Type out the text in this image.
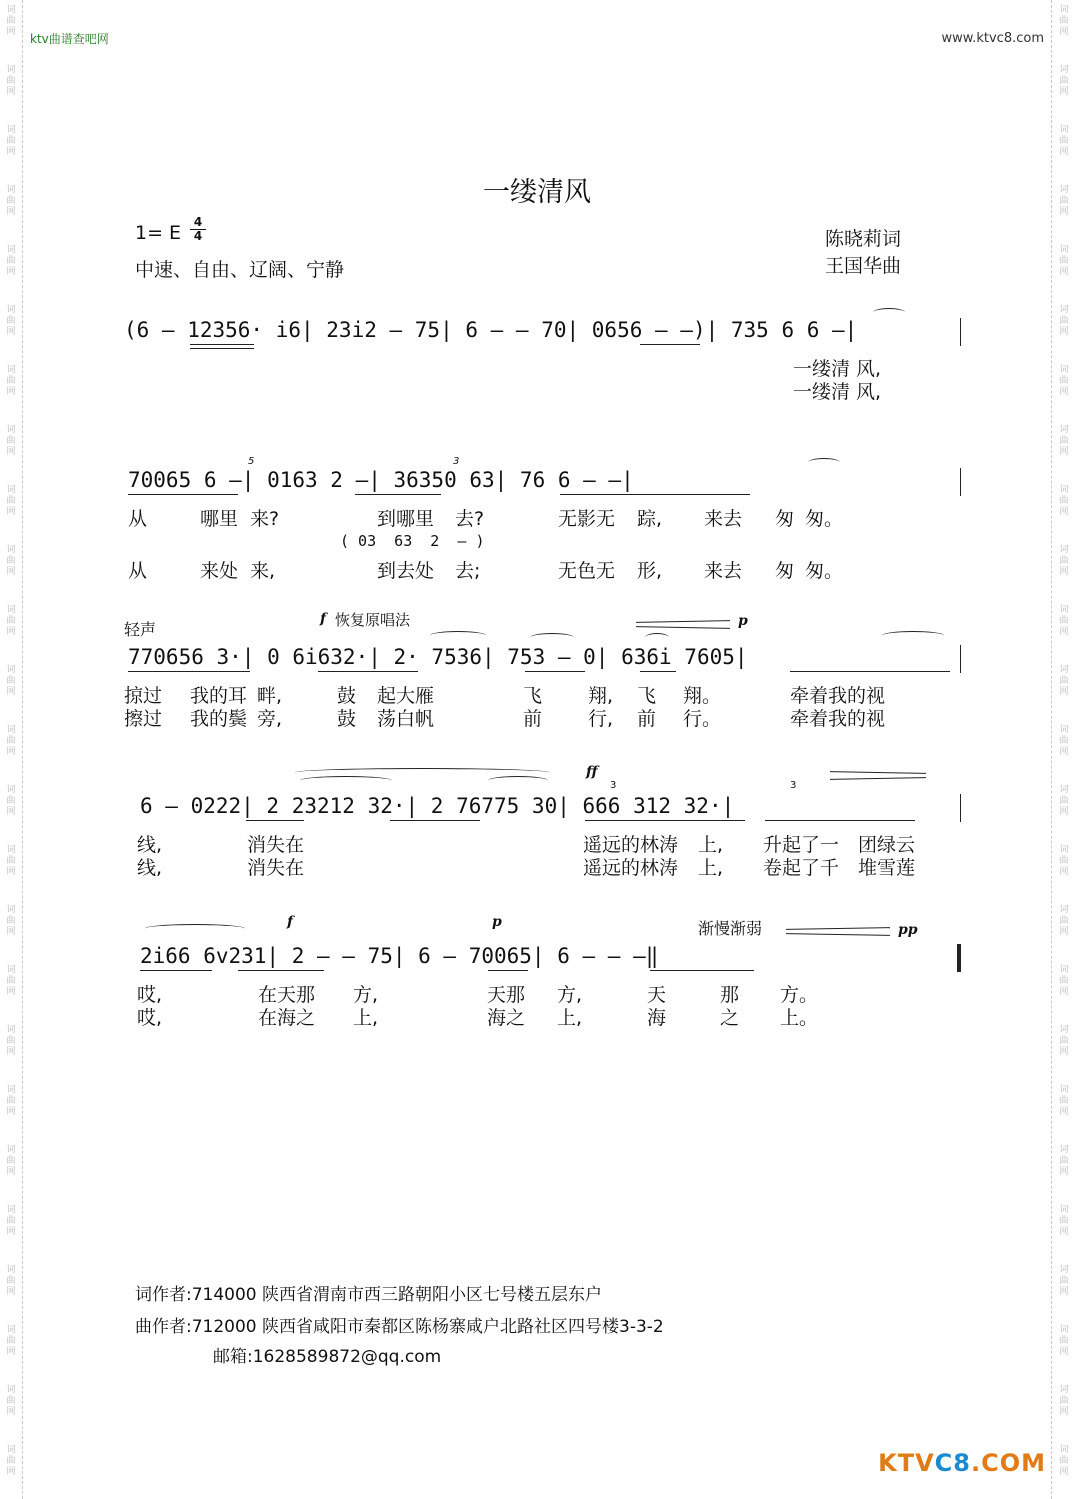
词
曲
网
词
曲
网
词
曲
网
词
曲
网
词
曲
网
词
曲
网
词
曲
网
词
曲
网
词
曲
网
词
曲
网
词
曲
网
词
曲
网
词
曲
网
词
曲
网
词
曲
网
词
曲
网
词
曲
网
词
曲
网
词
曲
网
词
曲
网
词
曲
网
词
曲
网
词
曲
网
词
曲
网
词
曲
网
词
曲
网
词
曲
网
词
曲
网
词
曲
网
词
曲
网
词
曲
网
词
曲
网
词
曲
网
词
曲
网
词
曲
网
词
曲
网
词
曲
网
词
曲
网
词
曲
网
词
曲
网
词
曲
网
词
曲
网
词
曲
网
词
曲
网
词
曲
网
词
曲
网
词
曲
网
词
曲
网
词
曲
网
词
曲
网
ktv曲谱查吧网	www.ktvc8.com
一缕清风
1= E	4
4
中速、自由、辽阔、宁静
陈晓莉词
王国华曲
(6 – 12356· i6| 23i2 – 75| 6 – – 70| 0656 – –)| 735 6 6 –|
一缕清 风,
一缕清 风,
70065 6 –| 0163 2 –| 36350 63| 76 6 – –|
5	3
从	哪里 来?	到哪里 去?	无影无 踪, 来去 匆 匆。
( 03  63  2  – )
从	来处 来,	到去处 去;	无色无 形, 来去 匆 匆。
轻声
f 恢复原唱法	p
770656 3·| 0 6i632·| 2· 7536| 753 – 0| 636i 7605|
掠过 我的耳 畔,	鼓 起大雁	飞 翔, 飞 翔。	牵着我的视
擦过 我的鬓 旁,	鼓 荡白帆	前 行, 前 行。	牵着我的视
ff
3	3
6 – 0222| 2 23212 32·| 2 76775 30| 666 312 32·|
线,	消失在	遥远的林涛 上, 升起了一 团绿云
线,	消失在	遥远的林涛 上, 卷起了千 堆雪莲
f	p	渐慢渐弱	pp
2i66 6v231| 2 – – 75| 6 – 70065| 6 – – –‖
哎,	在天那 方,	天那 方,	天	那 方。
哎,	在海之 上,	海之 上,	海	之 上。
词作者:714000 陕西省渭南市西三路朝阳小区七号楼五层东户
曲作者:712000 陕西省咸阳市秦都区陈杨寨咸户北路社区四号楼3-3-2
邮箱:1628589872@qq.com
KTVC8.COM
